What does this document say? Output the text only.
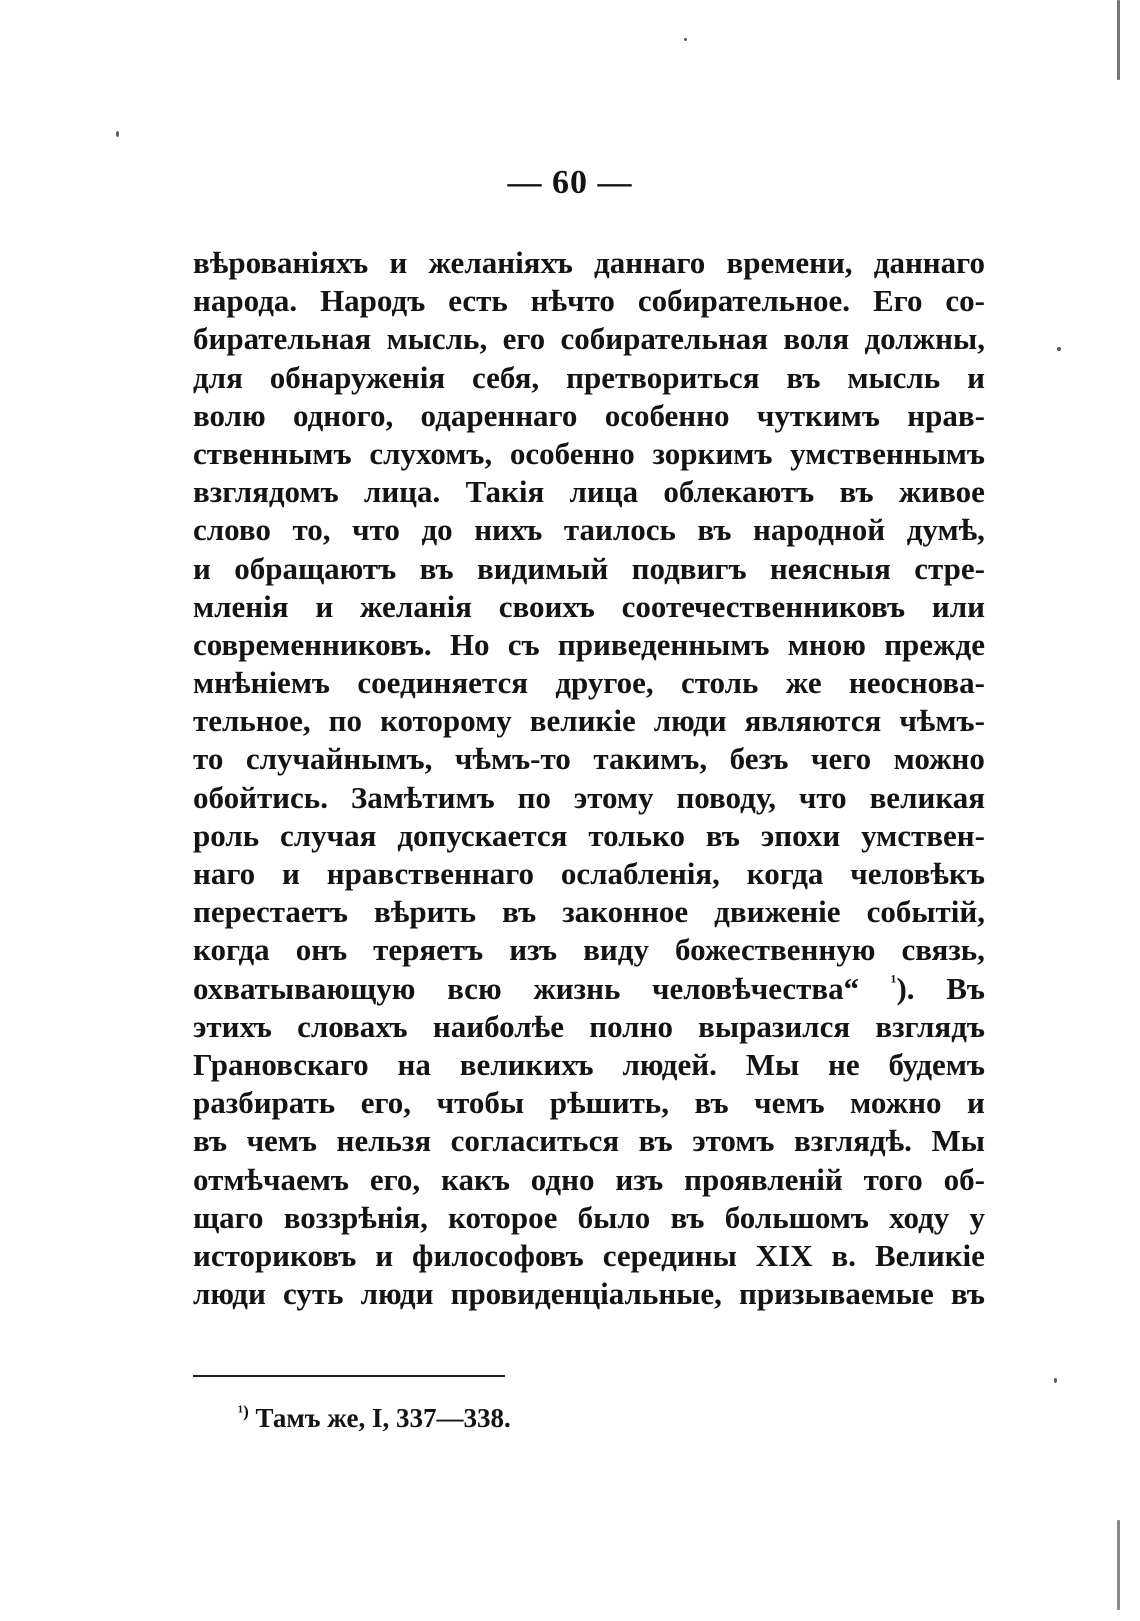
— 60 —
вѣрованіяхъ и желаніяхъ даннаго времени, даннаго
народа. Народъ есть нѣчто собирательное. Его со-
бирательная мысль, его собирательная воля должны,
для обнаруженія себя, претвориться въ мысль и
волю одного, одареннаго особенно чуткимъ нрав-
ственнымъ слухомъ, особенно зоркимъ умственнымъ
взглядомъ лица. Такія лица облекаютъ въ живое
слово то, что до нихъ таилось въ народной думѣ,
и обращаютъ въ видимый подвигъ неясныя стре-
мленія и желанія своихъ соотечественниковъ или
современниковъ. Но съ приведеннымъ мною прежде
мнѣніемъ соединяется другое, столь же неоснова-
тельное, по которому великіе люди являются чѣмъ-
то случайнымъ, чѣмъ-то такимъ, безъ чего можно
обойтись. Замѣтимъ по этому поводу, что великая
роль случая допускается только въ эпохи умствен-
наго и нравственнаго ослабленія, когда человѣкъ
перестаетъ вѣрить въ законное движеніе событій,
когда онъ теряетъ изъ виду божественную связь,
охватывающую всю жизнь человѣчества“ $^{^1}$). Въ
этихъ словахъ наиболѣе полно выразился взглядъ
Грановскаго на великихъ людей. Мы не будемъ
разбирать его, чтобы рѣшить, въ чемъ можно и
въ чемъ нельзя согласиться въ этомъ взглядѣ. Мы
отмѣчаемъ его, какъ одно изъ проявленій того об-
щаго воззрѣнія, которое было въ большомъ ходу у
историковъ и философовъ середины XIX в. Великіе
люди суть люди провиденціальные, призываемые въ
$^{^1)}$ Тамъ же, I, 337—338.
